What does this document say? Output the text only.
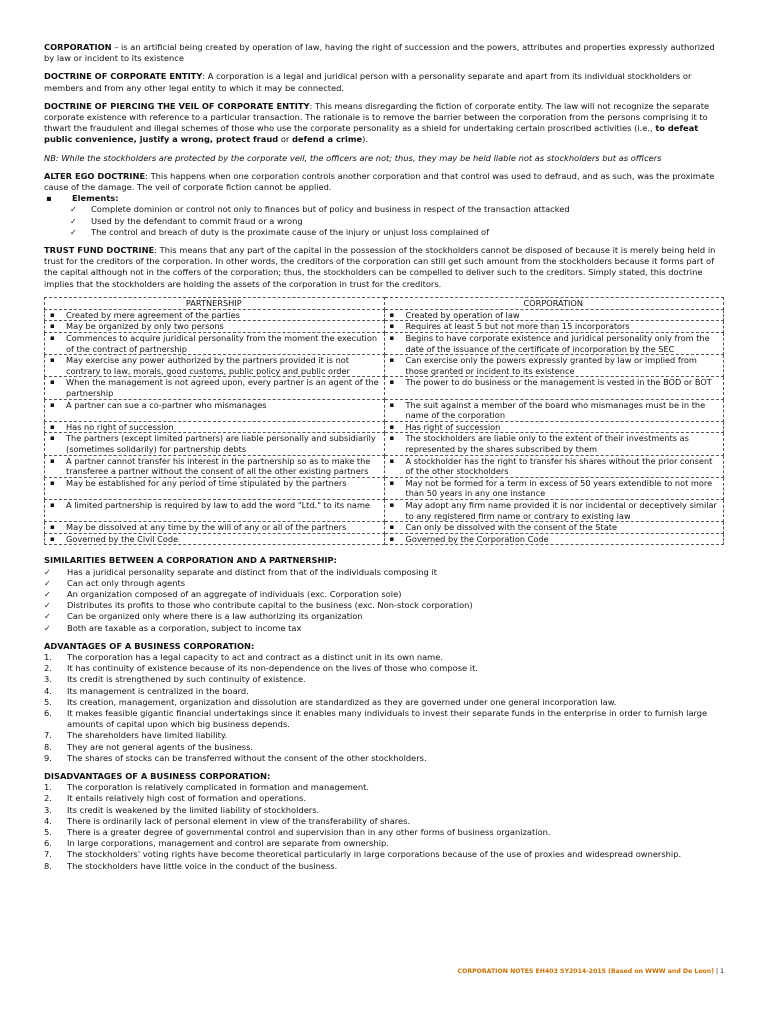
CORPORATION – is an artificial being created by operation of law, having the right of succession and the powers, attributes and properties expressly authorized by law or incident to its existence

DOCTRINE OF CORPORATE ENTITY: A corporation is a legal and juridical person with a personality separate and apart from its individual stockholders or members and from any other legal entity to which it may be connected.

DOCTRINE OF PIERCING THE VEIL OF CORPORATE ENTITY: This means disregarding the fiction of corporate entity. The law will not recognize the separate corporate existence with reference to a particular transaction. The rationale is to remove the barrier between the corporation from the persons comprising it to thwart the fraudulent and illegal schemes of those who use the corporate personality as a shield for undertaking certain proscribed activities (i.e., to defeat public convenience, justify a wrong, protect fraud or defend a crime).

NB: While the stockholders are protected by the corporate veil, the officers are not; thus, they may be held liable not as stockholders but as officers

ALTER EGO DOCTRINE: This happens when one corporation controls another corporation and that control was used to defraud, and as such, was the proximate cause of the damage. The veil of corporate fiction cannot be applied.

▪	Elements:
✓ Complete dominion or control not only to finances but of policy and business in respect of the transaction attacked
✓ Used by the defendant to commit fraud or a wrong
✓ The control and breach of duty is the proximate cause of the injury or unjust loss complained of

TRUST FUND DOCTRINE: This means that any part of the capital in the possession of the stockholders cannot be disposed of because it is merely being held in trust for the creditors of the corporation. In other words, the creditors of the corporation can still get such amount from the stockholders because it forms part of the capital although not in the coffers of the corporation; thus, the stockholders can be compelled to deliver such to the creditors. Simply stated, this doctrine implies that the stockholders are holding the assets of the corporation in trust for the creditors.

PARTNERSHIP	CORPORATION

▪ Created by mere agreement of the parties	▪ Created by operation of law

▪ May be organized by only two persons	▪ Requires at least 5 but not more than 15 incorporators

▪ Commences to acquire juridical personality from the moment the execution of the contract of partnership	▪ Begins to have corporate existence and juridical personality only from the date of the issuance of the certificate of incorporation by the SEC

▪ May exercise any power authorized by the partners provided it is not contrary to law, morals, good customs, public policy and public order	▪ Can exercise only the powers expressly granted by law or implied from those granted or incident to its existence

▪ When the management is not agreed upon, every partner is an agent of the partnership	▪ The power to do business or the management is vested in the BOD or BOT

▪ A partner can sue a co-partner who mismanages	▪ The suit against a member of the board who mismanages must be in the name of the corporation

▪ Has no right of succession	▪ Has right of succession

▪ The partners (except limited partners) are liable personally and subsidiarily (sometimes solidarily) for partnership debts	▪ The stockholders are liable only to the extent of their investments as represented by the shares subscribed by them

▪ A partner cannot transfer his interest in the partnership so as to make the transferee a partner without the consent of all the other existing partners	▪ A stockholder has the right to transfer his shares without the prior consent of the other stockholders

▪ May be established for any period of time stipulated by the partners	▪ May not be formed for a term in excess of 50 years extendible to not more than 50 years in any one instance

▪ A limited partnership is required by law to add the word "Ltd." to its name	▪ May adopt any firm name provided it is nor incidental or deceptively similar to any registered firm name or contrary to existing law

▪ May be dissolved at any time by the will of any or all of the partners	▪ Can only be dissolved with the consent of the State

▪ Governed by the Civil Code	▪ Governed by the Corporation Code

SIMILARITIES BETWEEN A CORPORATION AND A PARTNERSHIP:

✓ Has a juridical personality separate and distinct from that of the individuals composing it
✓ Can act only through agents
✓ An organization composed of an aggregate of individuals (exc. Corporation sole)
✓ Distributes its profits to those who contribute capital to the business (exc. Non-stock corporation)
✓ Can be organized only where there is a law authorizing its organization
✓ Both are taxable as a corporation, subject to income tax

ADVANTAGES OF A BUSINESS CORPORATION:

1.	The corporation has a legal capacity to act and contract as a distinct unit in its own name.
2.	It has continuity of existence because of its non-dependence on the lives of those who compose it.
3.	Its credit is strengthened by such continuity of existence.
4.	Its management is centralized in the board.
5.	Its creation, management, organization and dissolution are standardized as they are governed under one general incorporation law.
6.	It makes feasible gigantic financial undertakings since it enables many individuals to invest their separate funds in the enterprise in order to furnish large amounts of capital upon which big business depends.
7.	The shareholders have limited liability.
8.	They are not general agents of the business.
9.	The shares of stocks can be transferred without the consent of the other stockholders.

DISADVANTAGES OF A BUSINESS CORPORATION:

1.	The corporation is relatively complicated in formation and management.
2.	It entails relatively high cost of formation and operations.
3.	Its credit is weakened by the limited liability of stockholders.
4.	There is ordinarily lack of personal element in view of the transferability of shares.
5.	There is a greater degree of governmental control and supervision than in any other forms of business organization.
6.	In large corporations, management and control are separate from ownership.
7.	The stockholders' voting rights have become theoretical particularly in large corporations because of the use of proxies and widespread ownership.
8.	The stockholders have little voice in the conduct of the business.
CORPORATION NOTES EH403 SY2014-2015 (Based on WWW and De Leon) | 1
